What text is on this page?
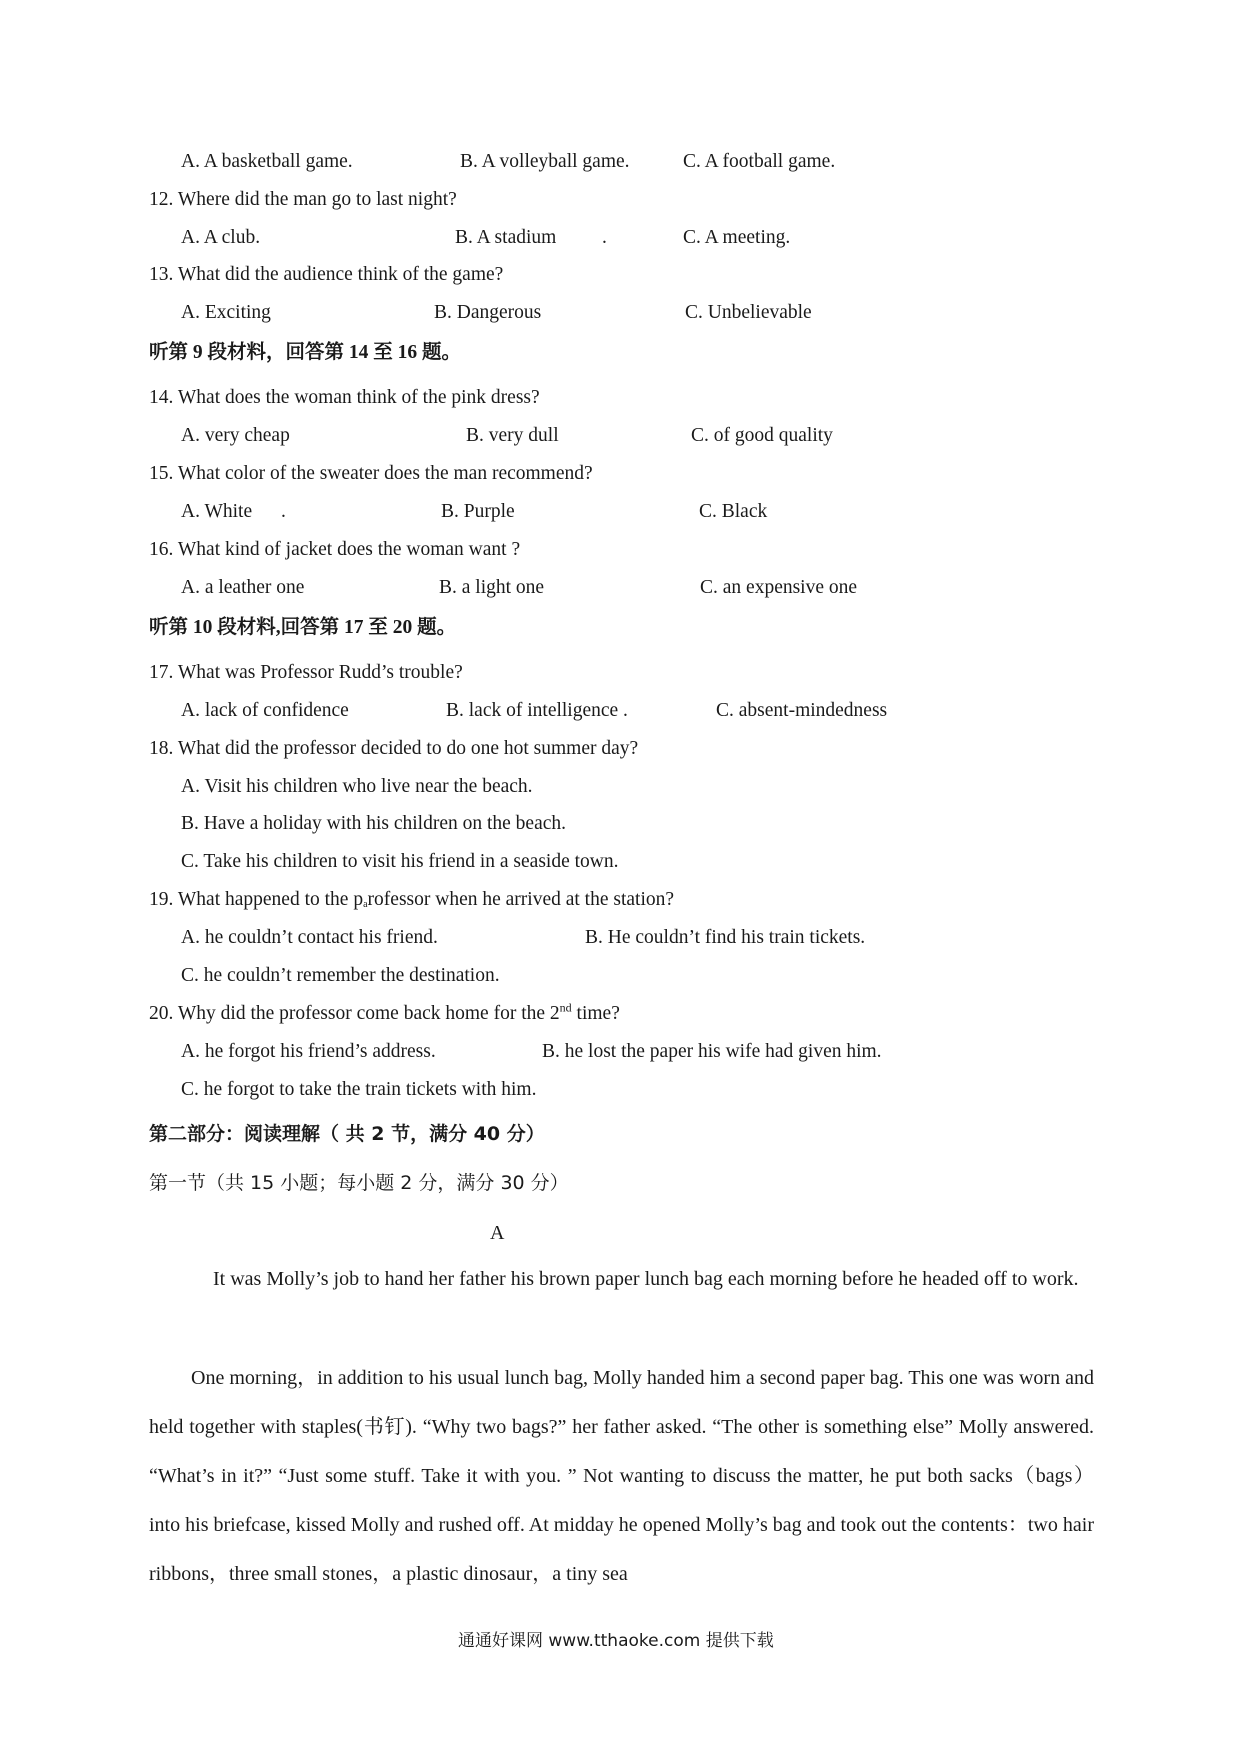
A. A basketball game.	B. A volleyball game.	C. A football game.
12. Where did the man go to last night?
A. A club.	B. A stadium .	C. A meeting.
13. What did the audience think of the game?
A. Exciting	B. Dangerous	C. Unbelievable
听第 9 段材料，回答第 14 至 16 题。
14. What does the woman think of the pink dress?
A. very cheap	B. very dull	C. of good quality
15. What color of the sweater does the man recommend?
A. White .	B. Purple	C. Black
16. What kind of jacket does the woman want ?
A. a leather one	B. a light one	C. an expensive one
听第 10 段材料,回答第 17 至 20 题。
17. What was Professor Rudd’s trouble?
A. lack of confidence	B. lack of intelligence .	C. absent-mindedness
18. What did the professor decided to do one hot summer day?
A. Visit his children who live near the beach.
B. Have a holiday with his children on the beach.
C. Take his children to visit his friend in a seaside town.
19. What happened to the parofessor when he arrived at the station?
A. he couldn’t contact his friend.	B. He couldn’t find his train tickets.
C. he couldn’t remember the destination.
20. Why did the professor come back home for the 2nd time?
A. he forgot his friend’s address.	B. he lost the paper his wife had given him.
C. he forgot to take the train tickets with him.
第二部分：阅读理解（ 共 2 节，满分 40 分）
第一节（共 15 小题；每小题 2 分，满分 30 分）
A
It was Molly’s job to hand her father his brown paper lunch bag each morning before he headed off to work.
One morning，in addition to his usual lunch bag, Molly handed him a second paper bag. This one was worn and held together with staples(书钉). “Why two bags?” her father asked. “The other is something else” Molly answered. “What’s in it?” “Just some stuff. Take it with you. ” Not wanting to discuss the matter, he put both sacks（bags） into his briefcase, kissed Molly and rushed off. At midday he opened Molly’s bag and took out the contents：two hair ribbons，three small stones，a plastic dinosaur，a tiny sea
通通好课网 www.tthaoke.com 提供下载
